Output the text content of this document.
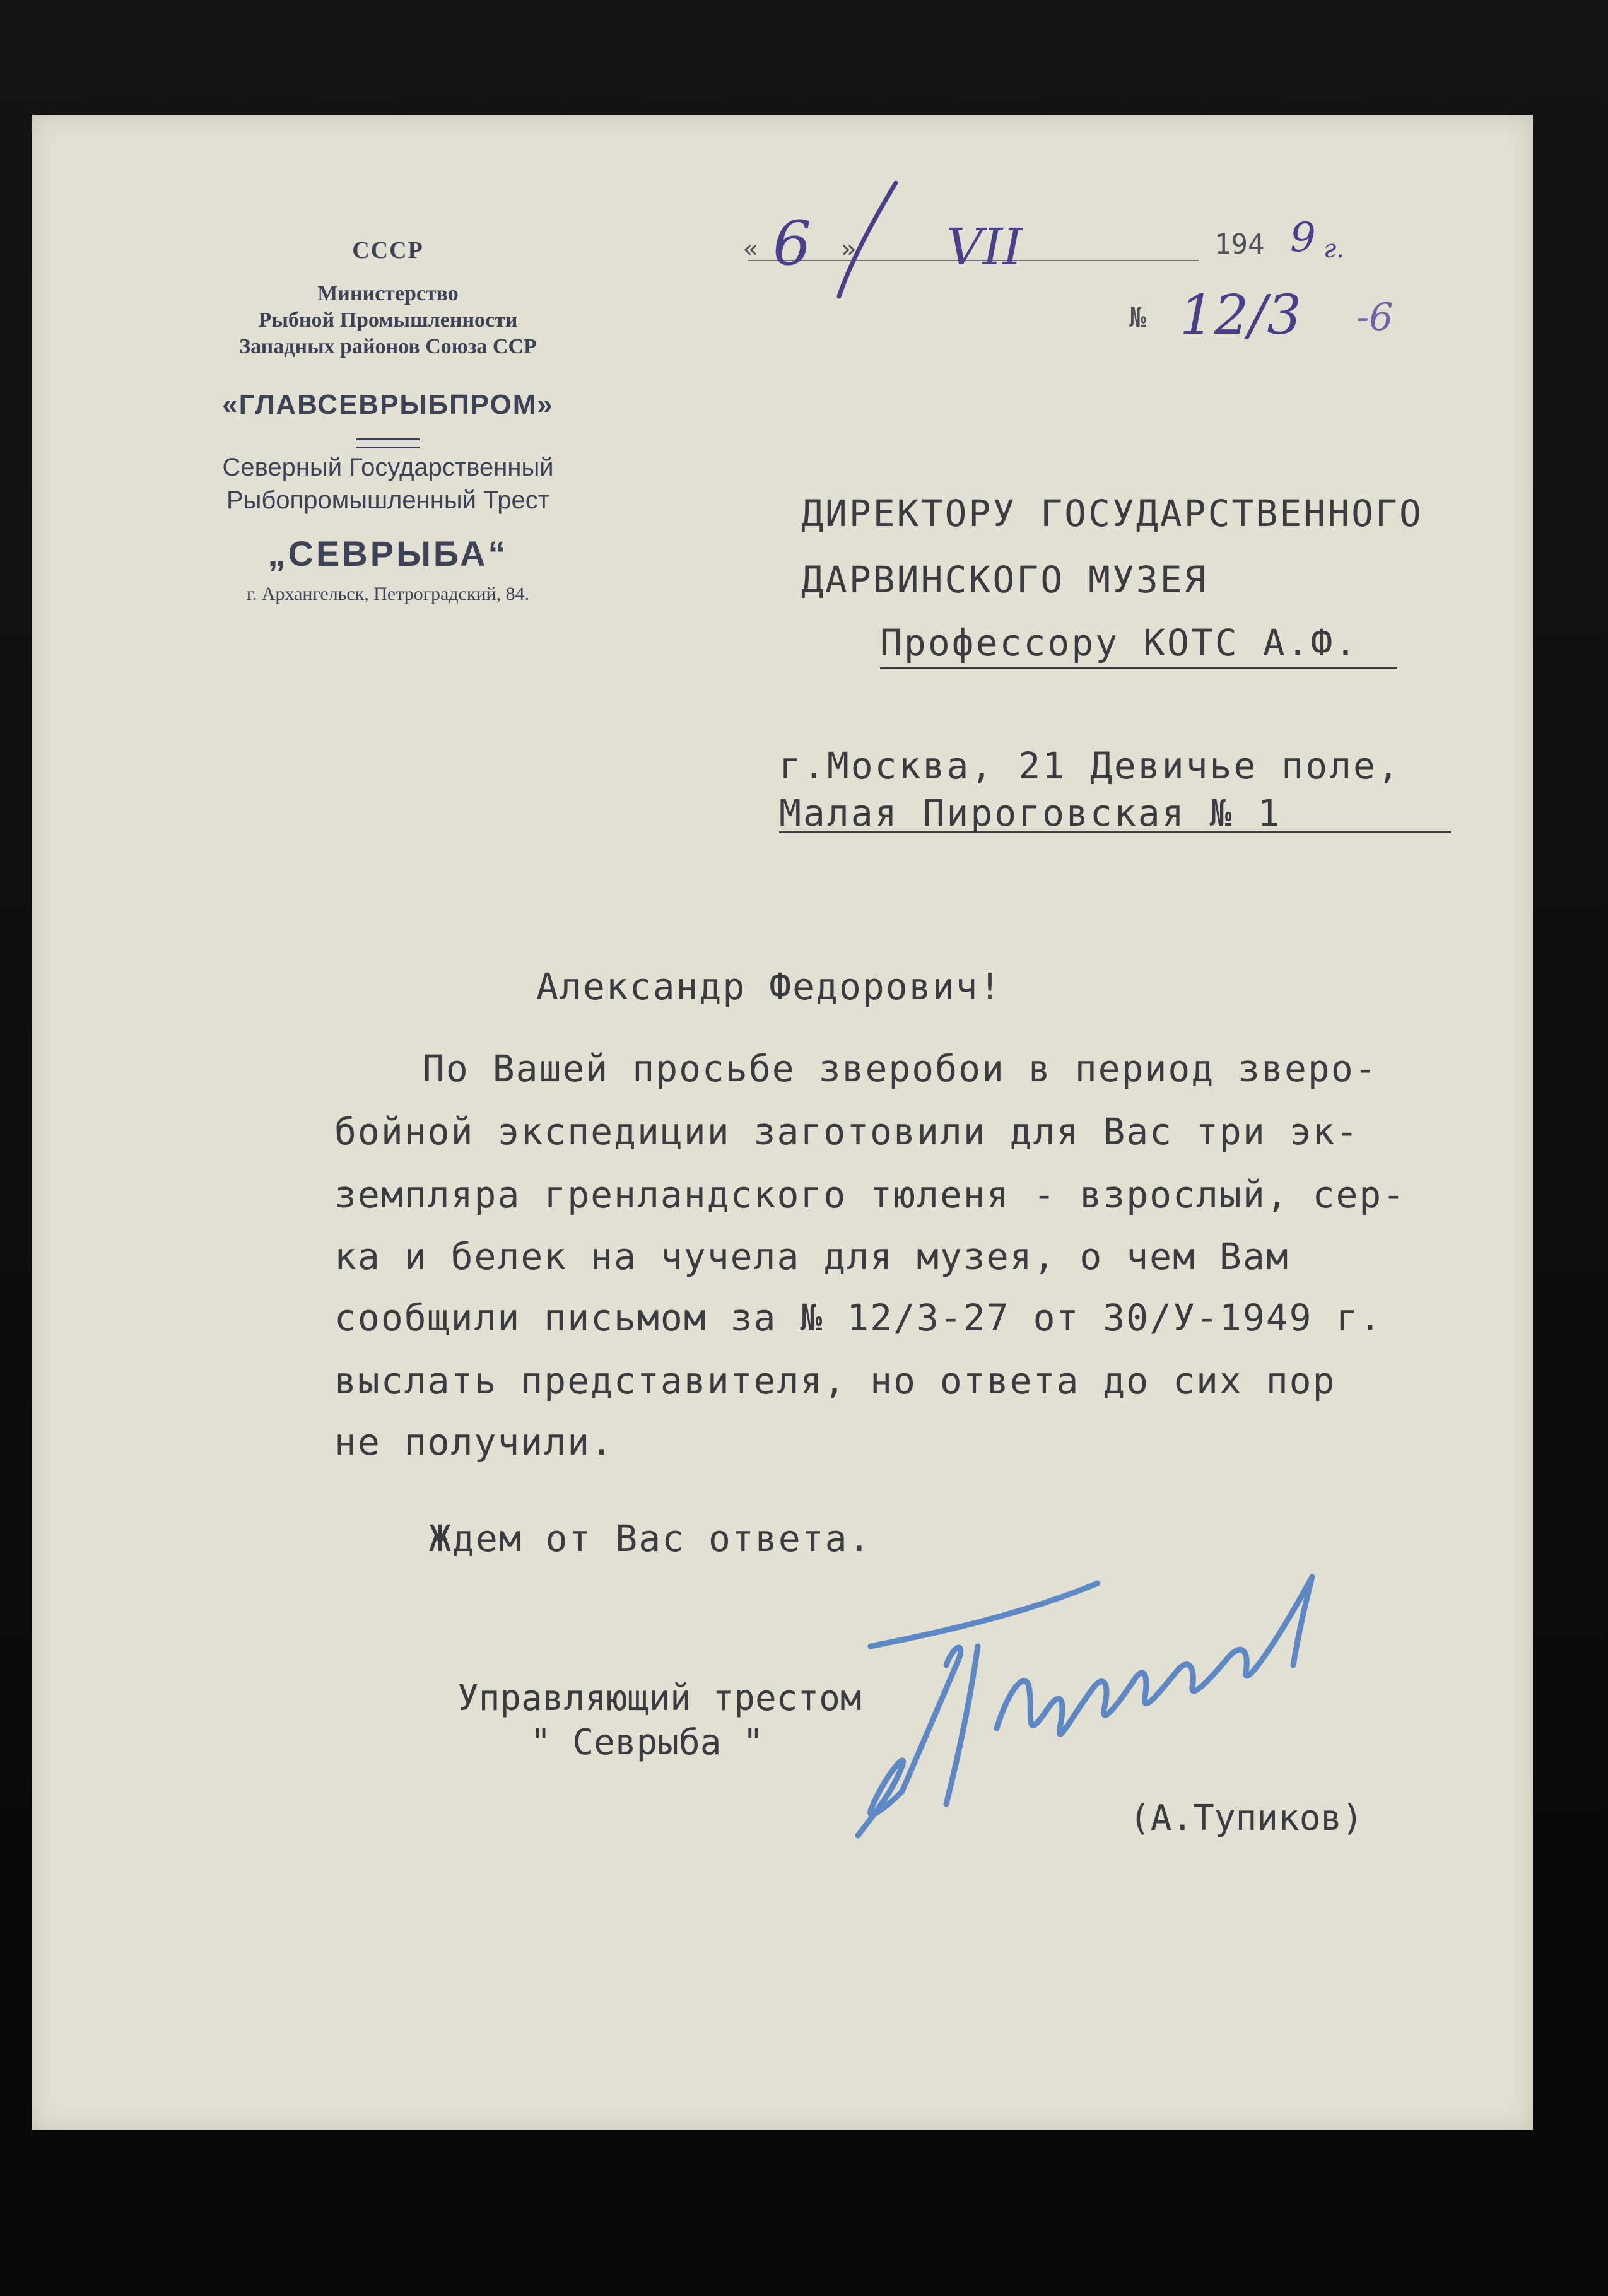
СССР
Министерство
Рыбной Промышленности
Западных районов Союза ССР
«ГЛАВСЕВРЫБПРОМ»
Северный Государственный
Рыбопромышленный Трест
„СЕВРЫБА“
г. Архангельск, Петроградский, 84.
« 6 » VII	194 9 г.
№ 12/3 -6
ДИРЕКТОРУ ГОСУДАРСТВЕННОГО
ДАРВИНСКОГО МУЗЕЯ
Профессору КОТС А.Ф.
г.Москва, 21 Девичье поле,
Малая Пироговская № 1
Александр Федорович!
По Вашей просьбе зверобои в период зверо-
бойной экспедиции заготовили для Вас три эк-
земпляра гренландского тюленя - взрослый, сер-
ка и белек на чучела для музея, о чем Вам
сообщили письмом за № 12/3-27 от 30/У-1949 г.
выслать представителя, но ответа до сих пор
не получили.
Ждем от Вас ответа.
Управляющий трестом
" Севрыба "
(А.Тупиков)
